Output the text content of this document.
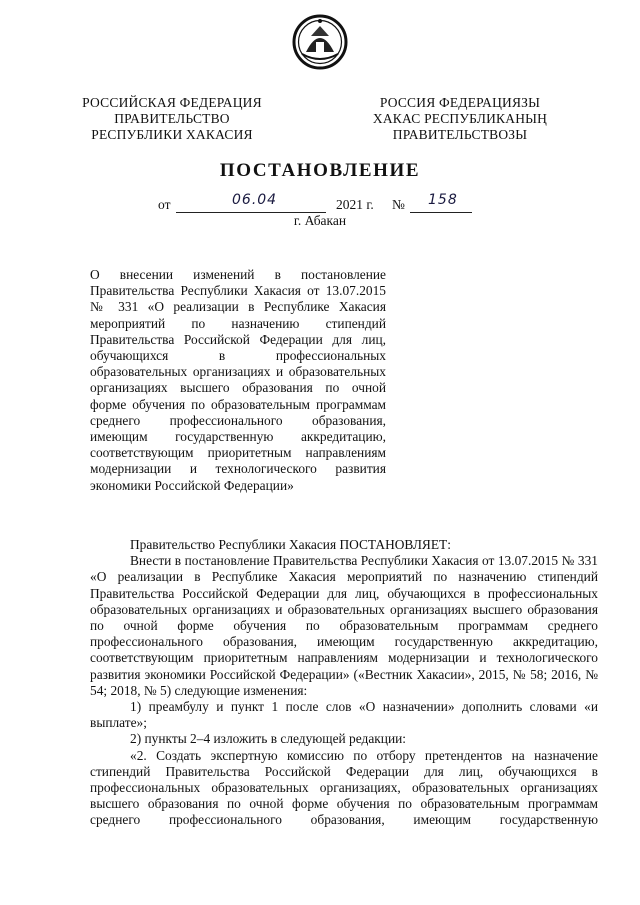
РОССИЙСКАЯ ФЕДЕРАЦИЯ
ПРАВИТЕЛЬСТВО
РЕСПУБЛИКИ ХАКАСИЯ
РОССИЯ ФЕДЕРАЦИЯЗЫ
ХАКАС РЕСПУБЛИКАНЫҢ
ПРАВИТЕЛЬСТВОЗЫ
ПОСТАНОВЛЕНИЕ
от	06.04	2021 г. № 158
г. Абакан
О внесении изменений в постановление Правительства Республики Хакасия от 13.07.2015 № 331 «О реализации в Республике Хакасия мероприятий по назначению стипендий Правительства Российской Федерации для лиц, обучающихся в профессиональных образовательных организациях и образовательных организациях высшего образования по очной форме обучения по образовательным программам среднего профессионального образования, имеющим государственную аккредитацию, соответствующим приоритетным направлениям модернизации и технологического развития экономики Российской Федерации»

Правительство Республики Хакасия ПОСТАНОВЛЯЕТ:

Внести в постановление Правительства Республики Хакасия от 13.07.2015 № 331 «О реализации в Республике Хакасия мероприятий по назначению стипендий Правительства Российской Федерации для лиц, обучающихся в профессиональных образовательных организациях и образовательных организациях высшего образования по очной форме обучения по образовательным программам среднего профессионального образования, имеющим государственную аккредитацию, соответствующим приоритетным направлениям модернизации и технологического развития экономики Российской Федерации» («Вестник Хакасии», 2015, № 58; 2016, № 54; 2018, № 5) следующие изменения:

1) преамбулу и пункт 1 после слов «О назначении» дополнить словами «и выплате»;

2) пункты 2–4 изложить в следующей редакции:

«2. Создать экспертную комиссию по отбору претендентов на назначение стипендий Правительства Российской Федерации для лиц, обучающихся в профессиональных образовательных организациях, образовательных организациях высшего образования по очной форме обучения по образовательным программам среднего профессионального образования, имеющим государственную
